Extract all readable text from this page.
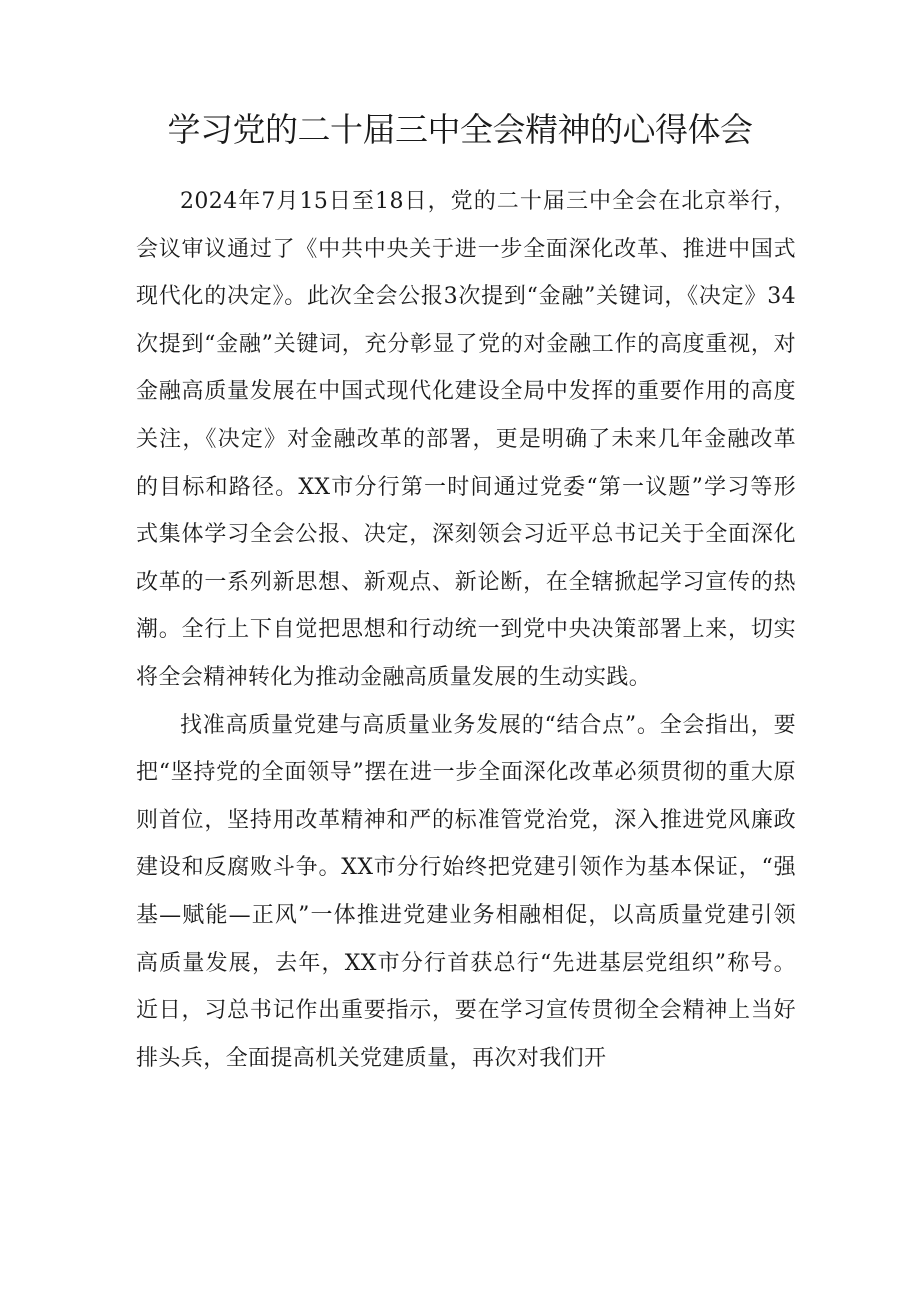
学习党的二十届三中全会精神的心得体会

2024年7月15日至18日，党的二十届三中全会在北京举行，会议审议通过了《中共中央关于进一步全面深化改革、推进中国式现代化的决定》。此次全会公报3次提到“金融”关键词，《决定》34次提到“金融”关键词，充分彰显了党的对金融工作的高度重视，对金融高质量发展在中国式现代化建设全局中发挥的重要作用的高度关注，《决定》对金融改革的部署，更是明确了未来几年金融改革的目标和路径。XX市分行第一时间通过党委“第一议题”学习等形式集体学习全会公报、决定，深刻领会习近平总书记关于全面深化改革的一系列新思想、新观点、新论断，在全辖掀起学习宣传的热潮。全行上下自觉把思想和行动统一到党中央决策部署上来，切实将全会精神转化为推动金融高质量发展的生动实践。

找准高质量党建与高质量业务发展的“结合点”。全会指出，要把“坚持党的全面领导”摆在进一步全面深化改革必须贯彻的重大原则首位，坚持用改革精神和严的标准管党治党，深入推进党风廉政建设和反腐败斗争。XX市分行始终把党建引领作为基本保证，“强基—赋能—正风”一体推进党建业务相融相促，以高质量党建引领高质量发展，去年，XX市分行首获总行“先进基层党组织”称号。近日，习总书记作出重要指示，要在学习宣传贯彻全会精神上当好排头兵，全面提高机关党建质量，再次对我们开
